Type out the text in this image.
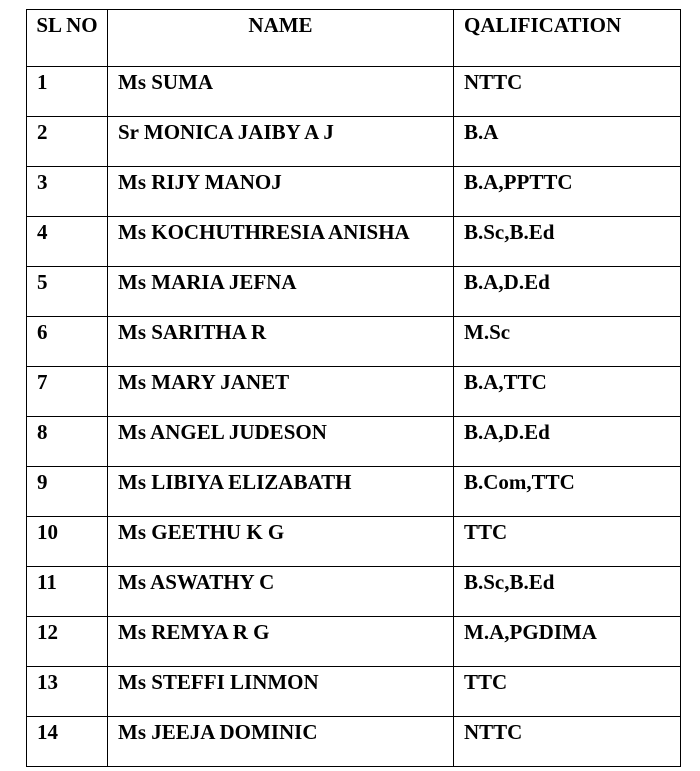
SL NO	NAME	QALIFICATION
1	Ms SUMA	NTTC
2	Sr MONICA JAIBY A J	B.A
3	Ms RIJY MANOJ	B.A,PPTTC
4	Ms KOCHUTHRESIA ANISHA	B.Sc,B.Ed
5	Ms MARIA JEFNA	B.A,D.Ed
6	Ms SARITHA R	M.Sc
7	Ms MARY JANET	B.A,TTC
8	Ms ANGEL JUDESON	B.A,D.Ed
9	Ms LIBIYA ELIZABATH	B.Com,TTC
10	Ms GEETHU K G	TTC
11	Ms ASWATHY C	B.Sc,B.Ed
12	Ms REMYA R G	M.A,PGDIMA
13	Ms STEFFI LINMON	TTC
14	Ms JEEJA DOMINIC	NTTC
